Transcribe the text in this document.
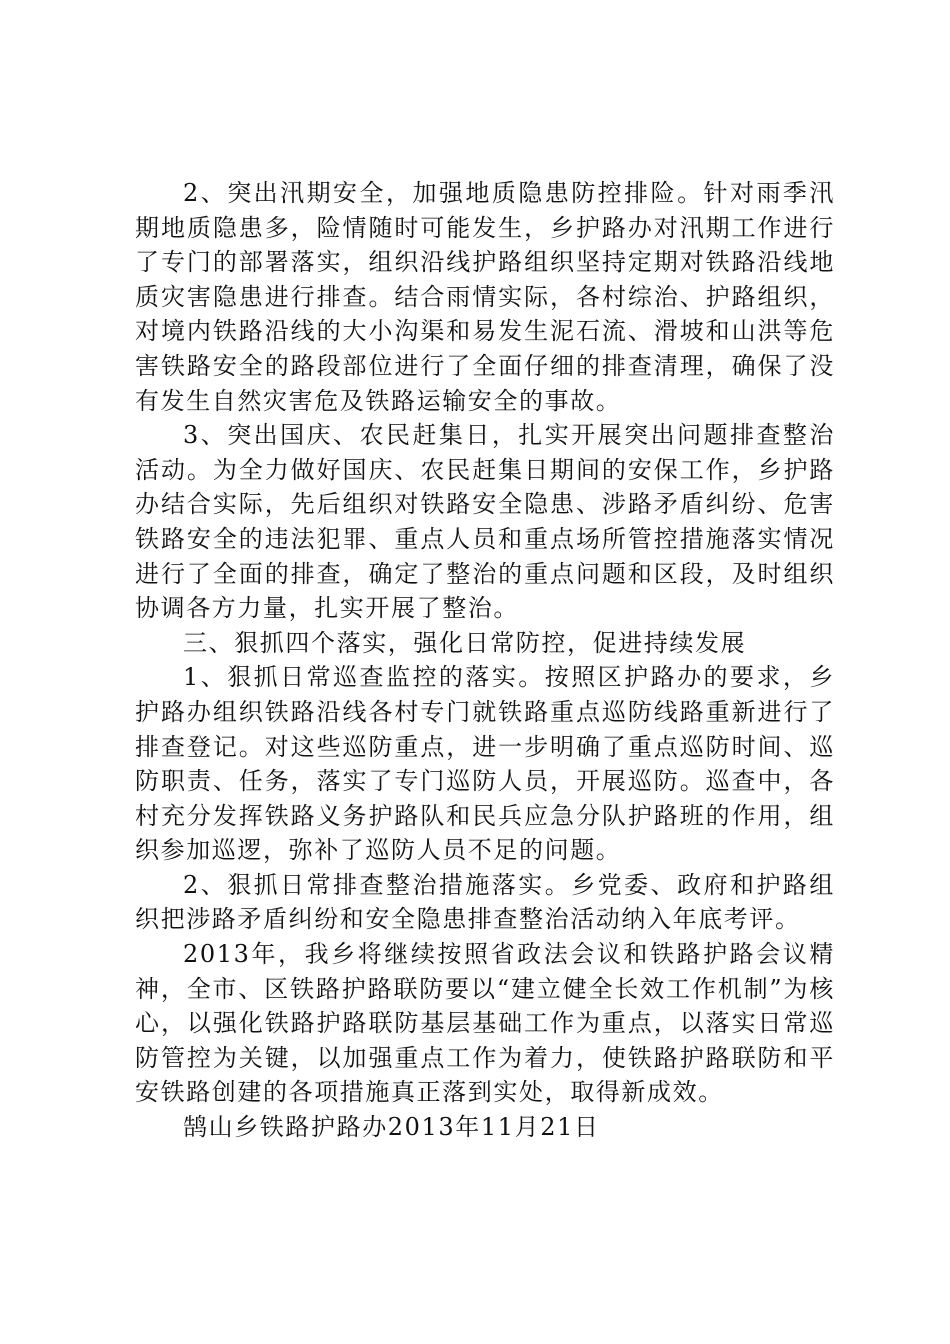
2、突出汛期安全，加强地质隐患防控排险。针对雨季汛期地质隐患多，险情随时可能发生，乡护路办对汛期工作进行了专门的部署落实，组织沿线护路组织坚持定期对铁路沿线地质灾害隐患进行排查。结合雨情实际，各村综治、护路组织，对境内铁路沿线的大小沟渠和易发生泥石流、滑坡和山洪等危害铁路安全的路段部位进行了全面仔细的排查清理，确保了没有发生自然灾害危及铁路运输安全的事故。

3、突出国庆、农民赶集日，扎实开展突出问题排查整治活动。为全力做好国庆、农民赶集日期间的安保工作，乡护路办结合实际，先后组织对铁路安全隐患、涉路矛盾纠纷、危害铁路安全的违法犯罪、重点人员和重点场所管控措施落实情况进行了全面的排查，确定了整治的重点问题和区段，及时组织协调各方力量，扎实开展了整治。

三、狠抓四个落实，强化日常防控，促进持续发展

1、狠抓日常巡查监控的落实。按照区护路办的要求，乡护路办组织铁路沿线各村专门就铁路重点巡防线路重新进行了排查登记。对这些巡防重点，进一步明确了重点巡防时间、巡防职责、任务，落实了专门巡防人员，开展巡防。巡查中，各村充分发挥铁路义务护路队和民兵应急分队护路班的作用，组织参加巡逻，弥补了巡防人员不足的问题。

2、狠抓日常排查整治措施落实。乡党委、政府和护路组织把涉路矛盾纠纷和安全隐患排查整治活动纳入年底考评。

2013年，我乡将继续按照省政法会议和铁路护路会议精神，全市、区铁路护路联防要以“建立健全长效工作机制”为核心，以强化铁路护路联防基层基础工作为重点，以落实日常巡防管控为关键，以加强重点工作为着力，使铁路护路联防和平安铁路创建的各项措施真正落到实处，取得新成效。

鹄山乡铁路护路办2013年11月21日
